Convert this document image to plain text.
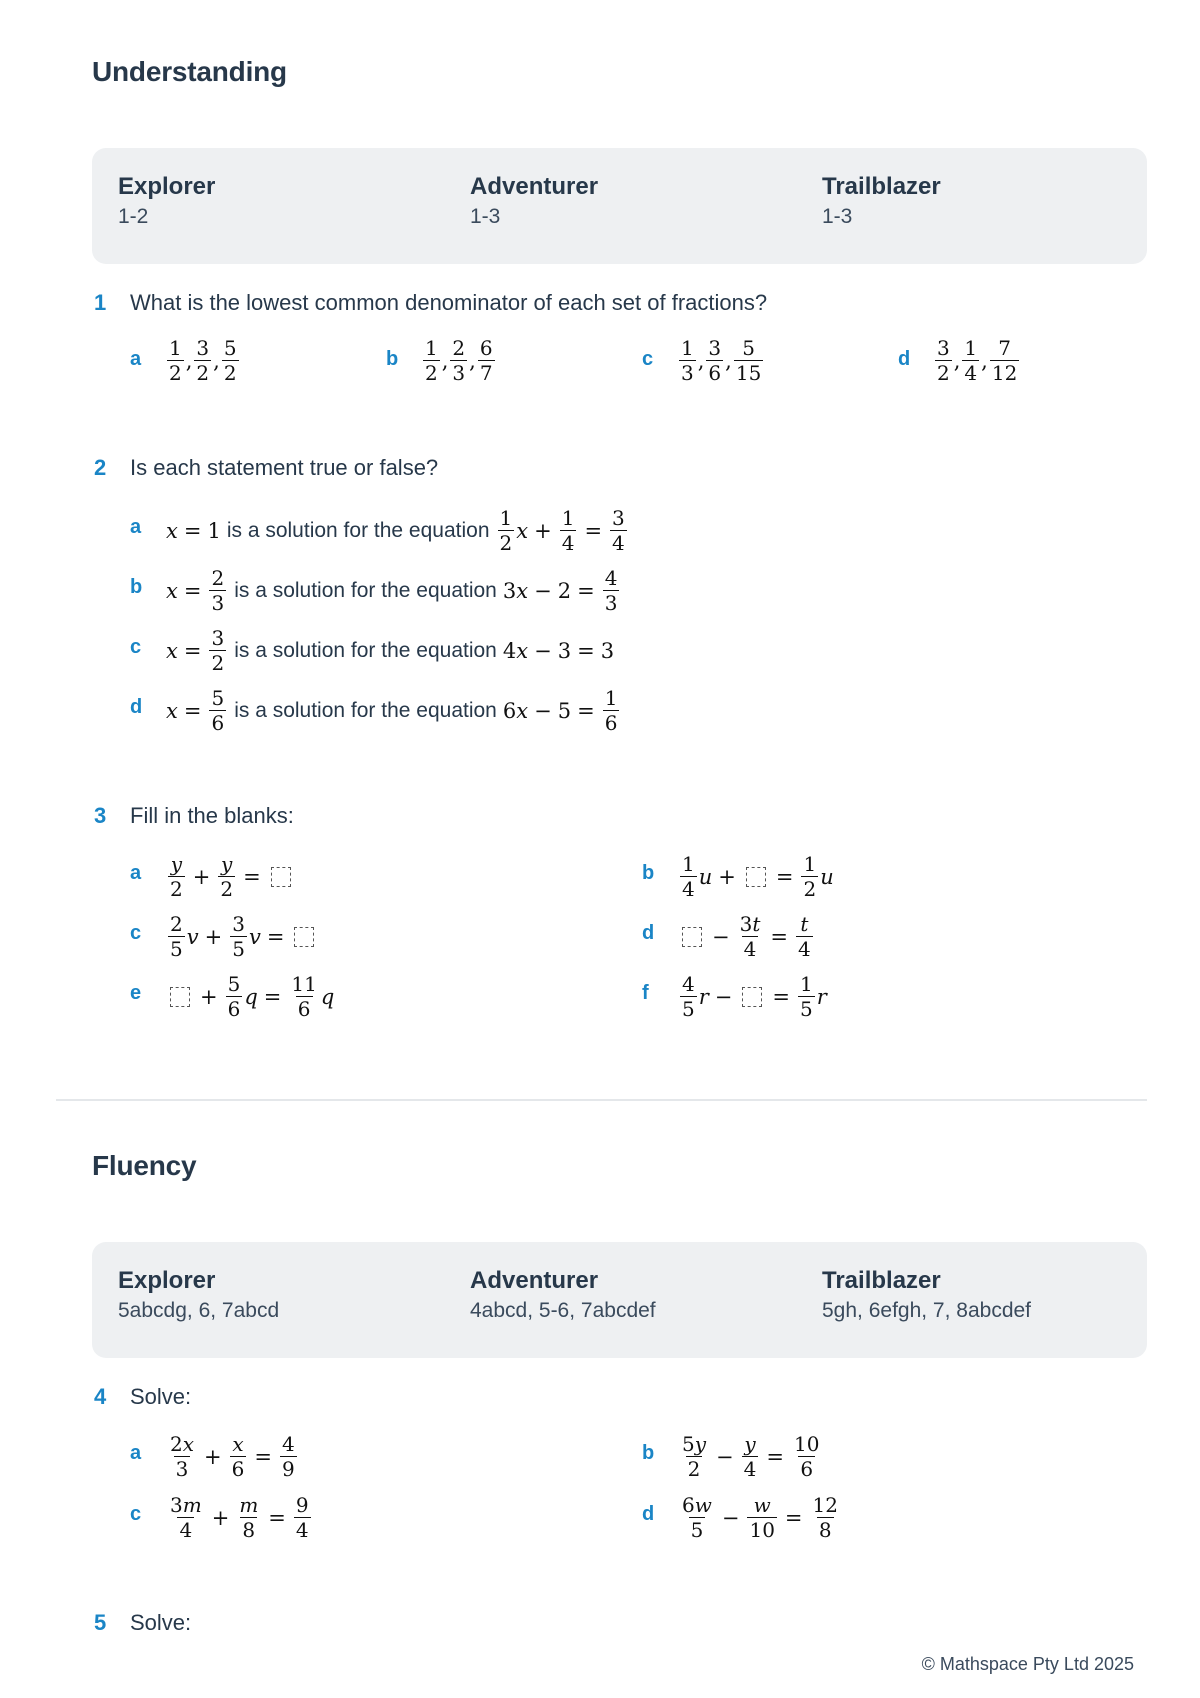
Understanding
Explorer
1-2
Adventurer
1-3
Trailblazer
1-3
1 What is the lowest common denominator of each set of fractions?
a 1
2
,
3
2
,
5
2
b 1
2
,
2
3
,
6
7
c 1
3
,
3
6
,
5
15
d 3
2
,
1
4
,
7
12
2 Is each statement true or false?
a x = 1 is a solution for the equation 1
2
$x + \frac{1}{4} = \frac{3}{4}$
b $x = \frac{2}{3}$ is a solution for the equation 3 $x - 2 = \frac{4}{3}$
c $x = \frac{3}{2}$ is a solution for the equation 4 x − 3 = 3
d $x = \frac{5}{6}$ is a solution for the equation 6 $x - 5 = \frac{1}{6}$
3 Fill in the blanks:
a y
2
+ $\frac{y}{2}$ =	b 1
4
u + = $\frac{1}{2}$ u
c 2
5
$v + \frac{3}{5}$ v =	d	− $\frac{3t}{4} = \frac{t}{4}$
e	+ $\frac{5}{6}$ $q = \frac{11}{6}$ q	f 4
5
r − = $\frac{1}{5}$ r
Fluency
Explorer
5abcdg, 6, 7abcd
Adventurer
4abcd, 5-6, 7abcdef
Trailblazer
5gh, 6efgh, 7, 8abcdef
4 Solve:
a 2x
3
+ $\frac{x}{6} = \frac{4}{9}$	b 5y
2
− $\frac{y}{4} = \frac{10}{6}$
c 3m
4
+ $\frac{m}{8} = \frac{9}{4}$	d 6w
5
− $\frac{w}{10} = \frac{12}{8}$
5 Solve:
© Mathspace Pty Ltd 2025
